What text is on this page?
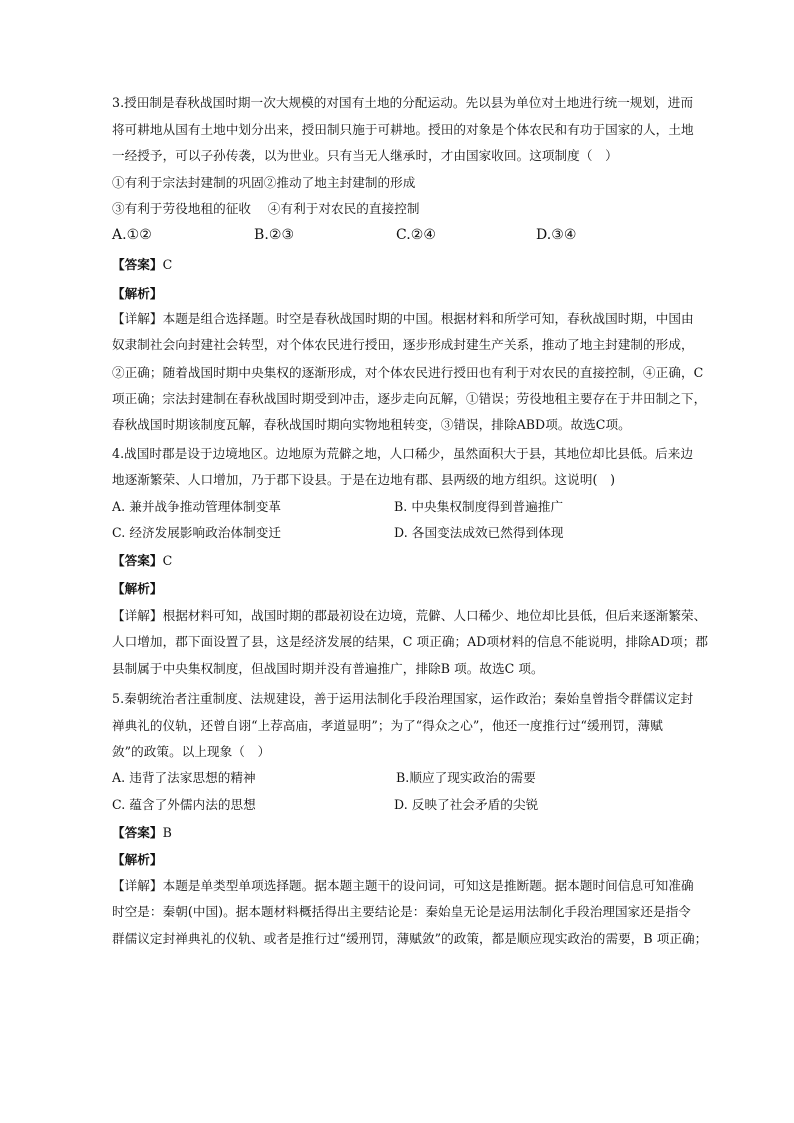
3.授田制是春秋战国时期一次大规模的对国有土地的分配运动。先以县为单位对土地进行统一规划，进而
将可耕地从国有土地中划分出来，授田制只施于可耕地。授田的对象是个体农民和有功于国家的人，土地
一经授予，可以子孙传袭，以为世业。只有当无人继承时，才由国家收回。这项制度（　）
①有利于宗法封建制的巩固②推动了地主封建制的形成
③有利于劳役地租的征收　 ④有利于对农民的直接控制
A.①②	B.②③	C.②④	D.③④
【答案】C
【解析】
【详解】本题是组合选择题。时空是春秋战国时期的中国。根据材料和所学可知，春秋战国时期，中国由
奴隶制社会向封建社会转型，对个体农民进行授田，逐步形成封建生产关系，推动了地主封建制的形成，
②正确；随着战国时期中央集权的逐渐形成，对个体农民进行授田也有利于对农民的直接控制，④正确，C
项正确；宗法封建制在春秋战国时期受到冲击，逐步走向瓦解，①错误；劳役地租主要存在于井田制之下，
春秋战国时期该制度瓦解，春秋战国时期向实物地租转变，③错误，排除ABD项。故选C项。
4.战国时郡是设于边境地区。边地原为荒僻之地，人口稀少，虽然面积大于县，其地位却比县低。后来边
地逐渐繁荣、人口增加，乃于郡下设县。于是在边地有郡、县两级的地方组织。这说明(　)
A. 兼并战争推动管理体制变革	B. 中央集权制度得到普遍推广
C. 经济发展影响政治体制变迁	D. 各国变法成效已然得到体现
【答案】C
【解析】
【详解】根据材料可知，战国时期的郡最初设在边境，荒僻、人口稀少、地位却比县低，但后来逐渐繁荣、
人口增加，郡下面设置了县，这是经济发展的结果，C 项正确；AD项材料的信息不能说明，排除AD项；郡
县制属于中央集权制度，但战国时期并没有普遍推广，排除B 项。故选C 项。
5.秦朝统治者注重制度、法规建设，善于运用法制化手段治理国家，运作政治；秦始皇曾指令群儒议定封
禅典礼的仪轨，还曾自诩“上荐高庙，孝道显明”；为了“得众之心”，他还一度推行过“缓刑罚，薄赋
敛”的政策。以上现象（　）
A. 违背了法家思想的精神	B.顺应了现实政治的需要
C. 蕴含了外儒内法的思想	D. 反映了社会矛盾的尖锐
【答案】B
【解析】
【详解】本题是单类型单项选择题。据本题主题干的设问词，可知这是推断题。据本题时间信息可知准确
时空是：秦朝(中国)。据本题材料概括得出主要结论是：秦始皇无论是运用法制化手段治理国家还是指令
群儒议定封禅典礼的仪轨、或者是推行过“缓刑罚，薄赋敛”的政策，都是顺应现实政治的需要，B 项正确；
